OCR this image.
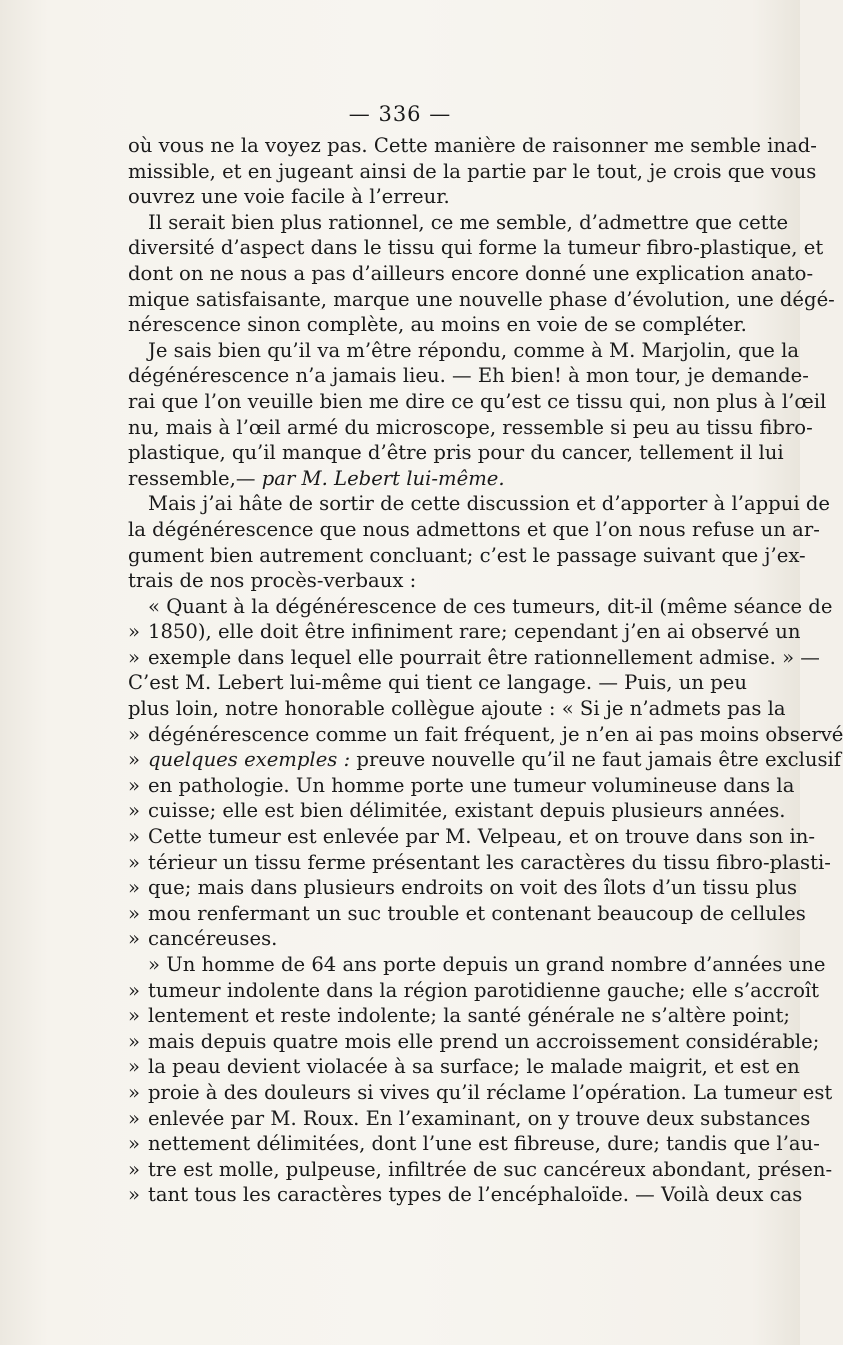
— 336 —
où vous ne la voyez pas. Cette manière de raisonner me semble inad-
missible, et en jugeant ainsi de la partie par le tout, je crois que vous
ouvrez une voie facile à l’erreur.
Il serait bien plus rationnel, ce me semble, d’admettre que cette
diversité d’aspect dans le tissu qui forme la tumeur fibro-plastique, et
dont on ne nous a pas d’ailleurs encore donné une explication anato-
mique satisfaisante, marque une nouvelle phase d’évolution, une dégé-
nérescence sinon complète, au moins en voie de se compléter.
Je sais bien qu’il va m’être répondu, comme à M. Marjolin, que la
dégénérescence n’a jamais lieu. — Eh bien! à mon tour, je demande-
rai que l’on veuille bien me dire ce qu’est ce tissu qui, non plus à l’œil
nu, mais à l’œil armé du microscope, ressemble si peu au tissu fibro-
plastique, qu’il manque d’être pris pour du cancer, tellement il lui
ressemble,— par M. Lebert lui-même.
Mais j’ai hâte de sortir de cette discussion et d’apporter à l’appui de
la dégénérescence que nous admettons et que l’on nous refuse un ar-
gument bien autrement concluant; c’est le passage suivant que j’ex-
trais de nos procès-verbaux :
« Quant à la dégénérescence de ces tumeurs, dit-il (même séance de
» 1850), elle doit être infiniment rare; cependant j’en ai observé un
» exemple dans lequel elle pourrait être rationnellement admise. » —
C’est M. Lebert lui-même qui tient ce langage. — Puis, un peu
plus loin, notre honorable collègue ajoute : « Si je n’admets pas la
» dégénérescence comme un fait fréquent, je n’en ai pas moins observé
» quelques exemples : preuve nouvelle qu’il ne faut jamais être exclusif
» en pathologie. Un homme porte une tumeur volumineuse dans la
» cuisse; elle est bien délimitée, existant depuis plusieurs années.
» Cette tumeur est enlevée par M. Velpeau, et on trouve dans son in-
» térieur un tissu ferme présentant les caractères du tissu fibro-plasti-
» que; mais dans plusieurs endroits on voit des îlots d’un tissu plus
» mou renfermant un suc trouble et contenant beaucoup de cellules
» cancéreuses.
» Un homme de 64 ans porte depuis un grand nombre d’années une
» tumeur indolente dans la région parotidienne gauche; elle s’accroît
» lentement et reste indolente; la santé générale ne s’altère point;
» mais depuis quatre mois elle prend un accroissement considérable;
» la peau devient violacée à sa surface; le malade maigrit, et est en
» proie à des douleurs si vives qu’il réclame l’opération. La tumeur est
» enlevée par M. Roux. En l’examinant, on y trouve deux substances
» nettement délimitées, dont l’une est fibreuse, dure; tandis que l’au-
» tre est molle, pulpeuse, infiltrée de suc cancéreux abondant, présen-
» tant tous les caractères types de l’encéphaloïde. — Voilà deux cas
